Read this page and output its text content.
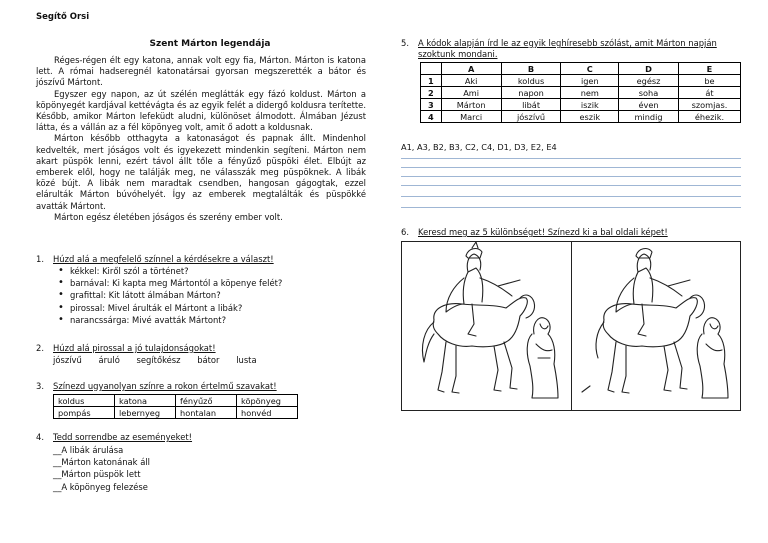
Segítő Orsi
Szent Márton legendája

Réges-régen élt egy katona, annak volt egy fia, Márton. Márton is katona lett. A római hadseregnél katonatársai gyorsan megszerették a bátor és jószívű Mártont.

Egyszer egy napon, az út szélén meglátták egy fázó koldust. Márton a köpönyegét kardjával kettévágta és az egyik felét a didergő koldusra terítette. Később, amikor Márton lefeküdt aludni, különöset álmodott. Álmában Jézust látta, és a vállán az a fél köpönyeg volt, amit ő adott a koldusnak.

Márton később otthagyta a katonaságot és papnak állt. Mindenhol kedvelték, mert jóságos volt és igyekezett mindenkin segíteni. Márton nem akart püspök lenni, ezért távol állt tőle a fényűző püspöki élet. Elbújt az emberek elől, hogy ne találják meg, ne válasszák meg püspöknek. A libák közé bújt. A libák nem maradtak csendben, hangosan gágogtak, ezzel elárulták Márton búvóhelyét. Így az emberek megtalálták és püspökké avatták Mártont.

Márton egész életében jóságos és szerény ember volt.

1. Húzd alá a megfelelő színnel a kérdésekre a választ!
• kékkel: Kiről szól a történet?
• barnával: Ki kapta meg Mártontól a köpenye felét?
• grafittal: Kit látott álmában Márton?
• pirossal: Mivel árulták el Mártont a libák?
• narancssárga: Mivé avatták Mártont?
2. Húzd alá pirossal a jó tulajdonságokat!
jószívű áruló segítőkész bátor lusta
3. Színezd ugyanolyan színre a rokon értelmű szavakat!
koldus	katona	fényűző	köpönyeg
pompás	lebernyeg	hontalan	honvéd
4. Tedd sorrendbe az eseményeket!
__A libák árulása
__Márton katonának áll
__Márton püspök lett
__A köpönyeg felezése
5. A kódok alapján írd le az egyik leghíresebb szólást, amit Márton napján szoktunk mondani.
	A	B	C	D	E
1	Aki	koldus	igen	egész	be
2	Ami	napon	nem	soha	át
3	Márton	libát	iszik	éven	szomjas.
4	Marci	jószívű	eszik	mindig	éhezik.
A1, A3, B2, B3, C2, C4, D1, D3, E2, E4
6. Keresd meg az 5 különbséget! Színezd ki a bal oldali képet!
